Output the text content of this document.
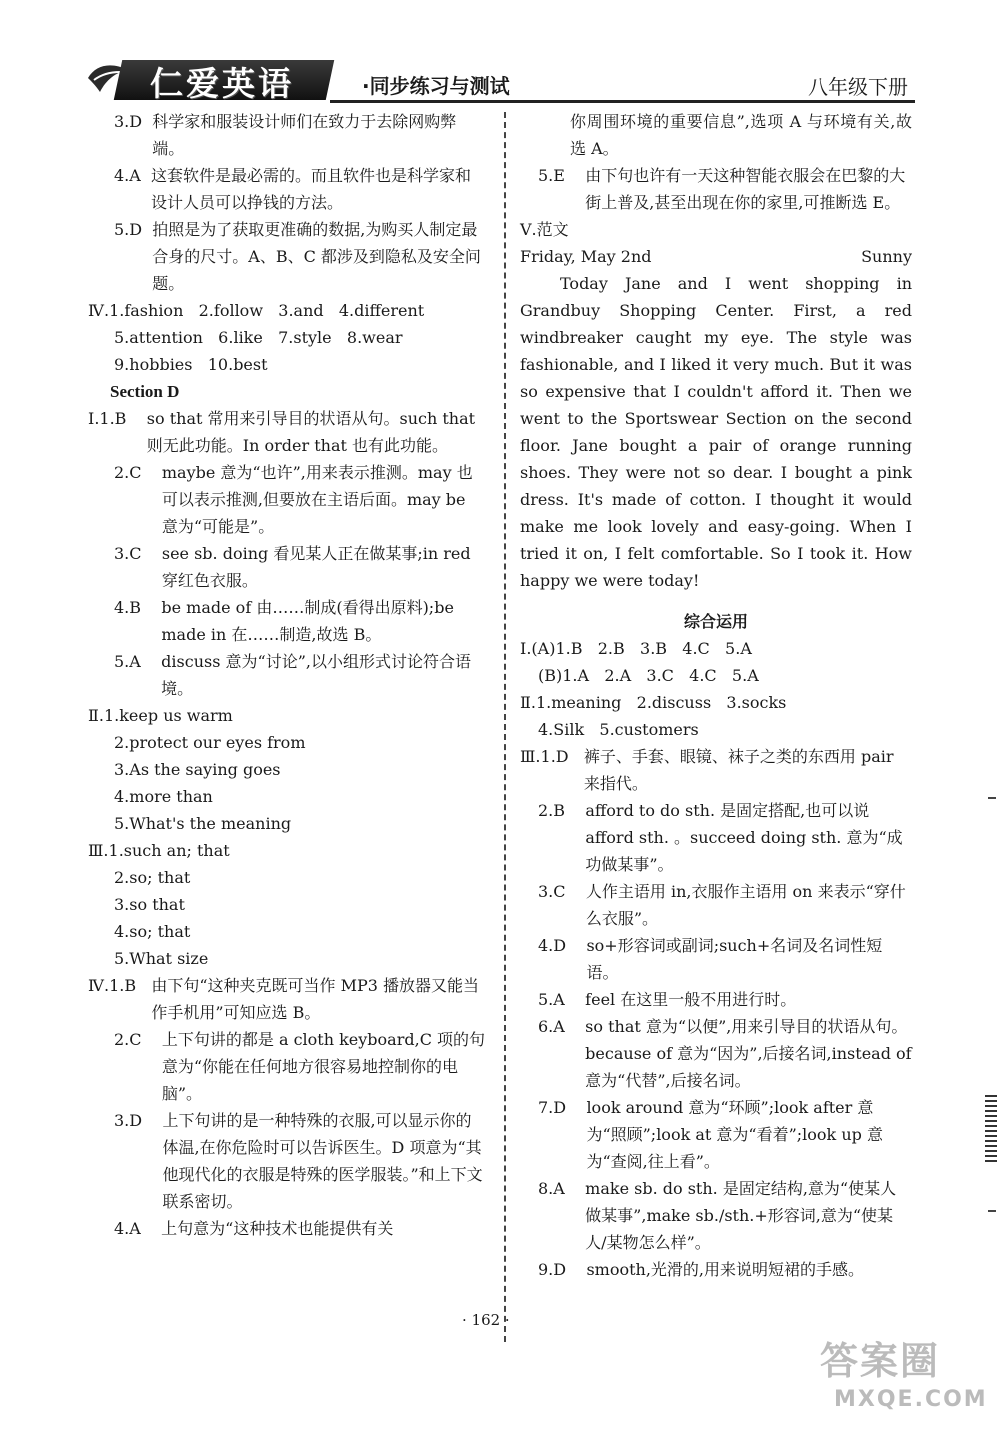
仁爱英语	·同步练习与测试	八年级下册
3.D
科学家和服装设计师们在致力于去除网购弊端。
4.A
这套软件是最必需的。而且软件也是科学家和设计人员可以挣钱的方法。
5.D
拍照是为了获取更准确的数据,为购买人制定最合身的尺寸。A、B、C 都涉及到隐私及安全问题。
Ⅳ.1.fashion   2.follow   3.and   4.different
5.attention   6.like   7.style   8.wear
9.hobbies   10.best
Section D
Ⅰ.1.B
so that 常用来引导目的状语从句。such that 则无此功能。In order that 也有此功能。
2.C
maybe 意为“也许”,用来表示推测。may 也可以表示推测,但要放在主语后面。may be 意为“可能是”。
3.C
see sb. doing 看见某人正在做某事;in red 穿红色衣服。
4.B
be made of 由……制成(看得出原料);be made in 在……制造,故选 B。
5.A
discuss 意为“讨论”,以小组形式讨论符合语境。
Ⅱ.1.keep us warm
2.protect our eyes from
3.As the saying goes
4.more than
5.What's the meaning
Ⅲ.1.such an; that
2.so; that
3.so that
4.so; that
5.What size
Ⅳ.1.B
由下句“这种夹克既可当作 MP3 播放器又能当作手机用”可知应选 B。
2.C
上下句讲的都是 a cloth keyboard,C 项的句意为“你能在任何地方很容易地控制你的电脑”。
3.D
上下句讲的是一种特殊的衣服,可以显示你的体温,在你危险时可以告诉医生。D 项意为“其他现代化的衣服是特殊的医学服装。”和上下文联系密切。
4.A
上句意为“这种技术也能提供有关
你周围环境的重要信息”,选项 A 与环境有关,故选 A。
5.E
由下句也许有一天这种智能衣服会在巴黎的大街上普及,甚至出现在你的家里,可推断选 E。
Ⅴ.范文
Friday, May 2nd	Sunny
Today Jane and I went shopping in Grandbuy Shopping Center. First, a red windbreaker caught my eye. The style was fashionable, and I liked it very much. But it was so expensive that I couldn't afford it. Then we went to the Sportswear Section on the second floor. Jane bought a pair of orange running shoes. They were not so dear. I bought a pink dress. It's made of cotton. I thought it would make me look lovely and easy-going. When I tried it on, I felt comfortable. So I took it. How happy we were today!
综合运用
Ⅰ.(A)1.B   2.B   3.B   4.C   5.A
(B)1.A   2.A   3.C   4.C   5.A
Ⅱ.1.meaning   2.discuss   3.socks
4.Silk   5.customers
Ⅲ.1.D
裤子、手套、眼镜、袜子之类的东西用 pair 来指代。
2.B
afford to do sth. 是固定搭配,也可以说 afford sth. 。succeed doing sth. 意为“成功做某事”。
3.C
人作主语用 in,衣服作主语用 on 来表示“穿什么衣服”。
4.D
so+形容词或副词;such+名词及名词性短语。
5.A
feel 在这里一般不用进行时。
6.A
so that 意为“以便”,用来引导目的状语从句。because of 意为“因为”,后接名词,instead of 意为“代替”,后接名词。
7.D
look around 意为“环顾”;look after 意为“照顾”;look at 意为“看着”;look up 意为“查阅,往上看”。
8.A
make sb. do sth. 是固定结构,意为“使某人做某事”,make sb./sth.+形容词,意为“使某人/某物怎么样”。
9.D
smooth,光滑的,用来说明短裙的手感。
· 162 ·
答案圈
MXQE.COM
